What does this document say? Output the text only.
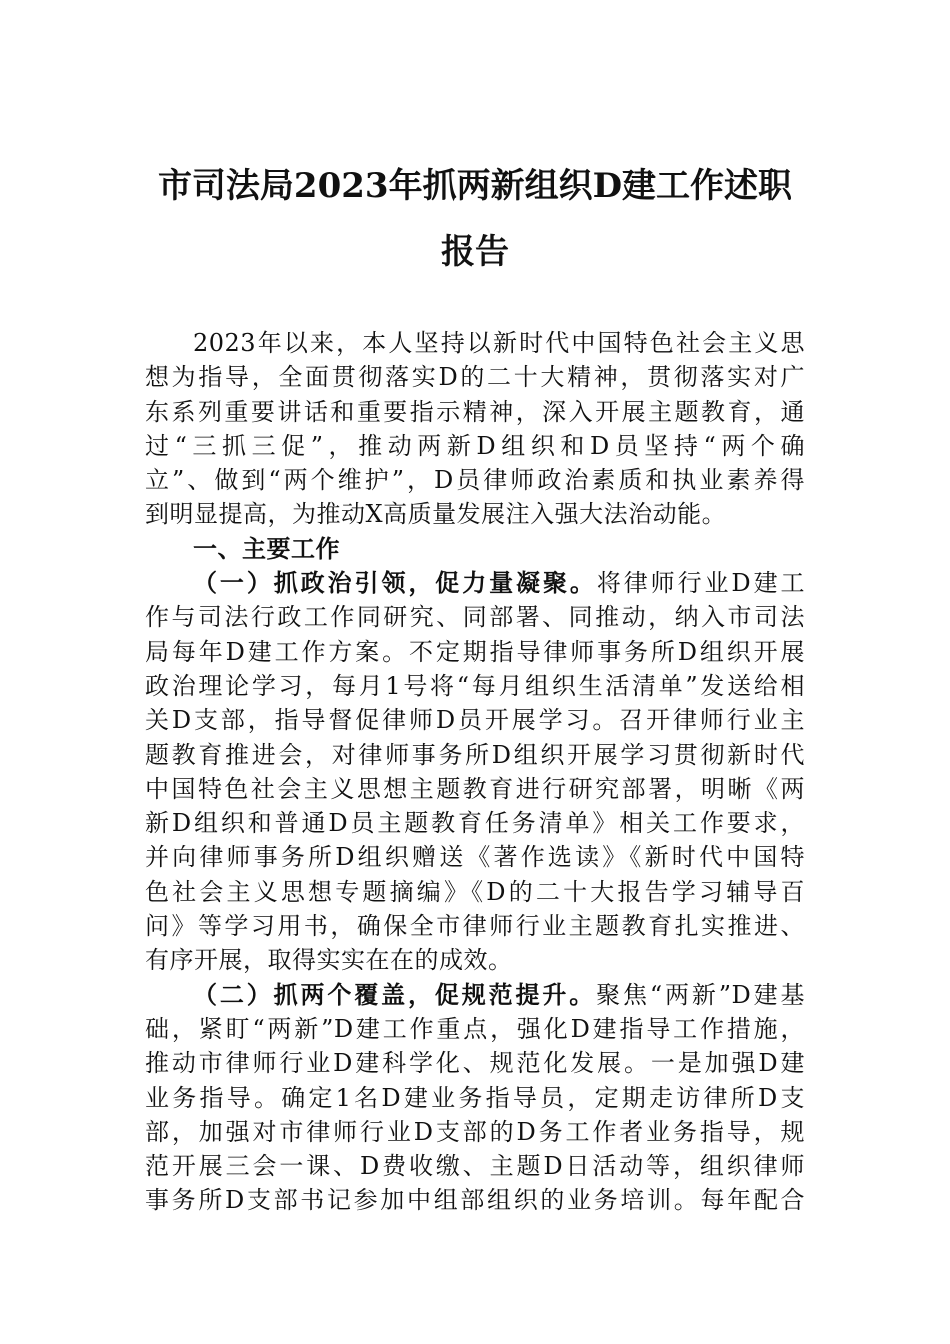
市司法局2023年抓两新组织D建工作述职
报告
2023年以来，本人坚持以新时代中国特色社会主义思
想为指导，全面贯彻落实D的二十大精神，贯彻落实对广
东系列重要讲话和重要指示精神，深入开展主题教育，通
过“三抓三促”，推动两新D组织和D员坚持“两个确
立”、做到“两个维护”，D员律师政治素质和执业素养得
到明显提高，为推动X高质量发展注入强大法治动能。
一、主要工作
（一）抓政治引领，促力量凝聚。将律师行业D建工
作与司法行政工作同研究、同部署、同推动，纳入市司法
局每年D建工作方案。不定期指导律师事务所D组织开展
政治理论学习，每月1号将“每月组织生活清单”发送给相
关D支部，指导督促律师D员开展学习。召开律师行业主
题教育推进会，对律师事务所D组织开展学习贯彻新时代
中国特色社会主义思想主题教育进行研究部署，明晰《两
新D组织和普通D员主题教育任务清单》相关工作要求，
并向律师事务所D组织赠送《著作选读》《新时代中国特
色社会主义思想专题摘编》《D的二十大报告学习辅导百
问》等学习用书，确保全市律师行业主题教育扎实推进、
有序开展，取得实实在在的成效。
（二）抓两个覆盖，促规范提升。聚焦“两新”D建基
础，紧盯“两新”D建工作重点，强化D建指导工作措施，
推动市律师行业D建科学化、规范化发展。一是加强D建
业务指导。确定1名D建业务指导员，定期走访律所D支
部，加强对市律师行业D支部的D务工作者业务指导，规
范开展三会一课、D费收缴、主题D日活动等，组织律师
事务所D支部书记参加中组部组织的业务培训。每年配合
